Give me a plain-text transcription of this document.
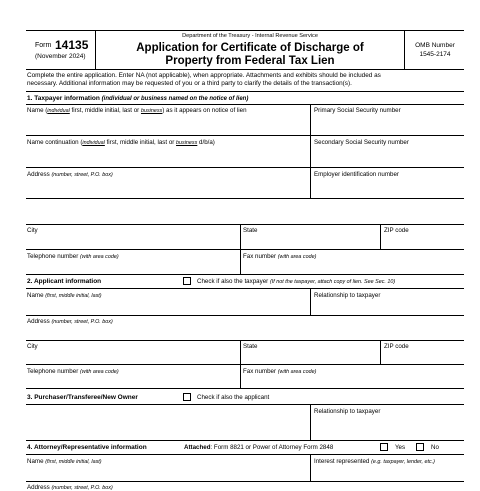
Form 14135
(November 2024)
Department of the Treasury - Internal Revenue Service
Application for Certificate of Discharge of
Property from Federal Tax Lien
OMB Number
1545-2174
Complete the entire application. Enter NA (not applicable), when appropriate. Attachments and exhibits should be included as
necessary. Additional information may be requested of you or a third party to clarify the details of the transaction(s).
1. Taxpayer information (individual or business named on the notice of lien)
Name (individual first, middle initial, last or business) as it appears on notice of lien	Primary Social Security number
Name continuation (individual first, middle initial, last or business d/b/a)	Secondary Social Security number
Address (number, street, P.O. box)	Employer identification number
City	State	ZIP code
Telephone number (with area code)	Fax number (with area code)
2. Applicant information	Check if also the taxpayer (If not the taxpayer, attach copy of lien. See Sec. 10)
Name (first, middle initial, last)	Relationship to taxpayer
Address (number, street, P.O. box)
City	State	ZIP code
Telephone number (with area code)	Fax number (with area code)
3. Purchaser/Transferee/New Owner	Check if also the applicant
Relationship to taxpayer
4. Attorney/Representative information	Attached: Form 8821 or Power of Attorney Form 2848	Yes	No
Name (first, middle initial, last)	Interest represented (e.g. taxpayer, lender, etc.)
Address (number, street, P.O. box)
